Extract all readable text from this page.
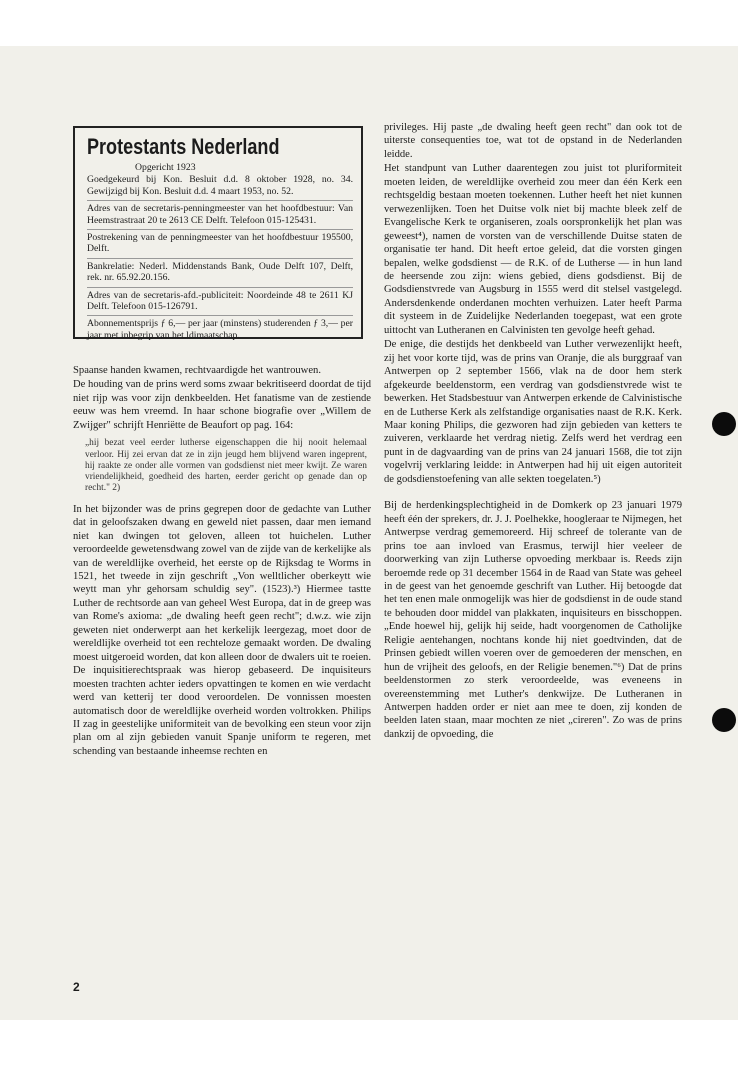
Protestants Nederland
Opgericht 1923

Goedgekeurd bij Kon. Besluit d.d. 8 oktober 1928, no. 34. Gewijzigd bij Kon. Besluit d.d. 4 maart 1953, no. 52.

Adres van de secretaris-penningmeester van het hoofdbestuur: Van Heemstrastraat 20 te 2613 CE Delft. Telefoon 015-125431.

Postrekening van de penningmeester van het hoofdbestuur 195500, Delft.

Bankrelatie: Nederl. Middenstands Bank, Oude Delft 107, Delft, rek. nr. 65.92.20.156.

Adres van de secretaris-afd.-publiciteit: Noordeinde 48 te 2611 KJ Delft. Telefoon 015-126791.

Abonnementsprijs ƒ 6,— per jaar (minstens) studerenden ƒ 3,— per jaar met inbegrip van het ldimaatschap.

Spaanse handen kwamen, rechtvaardigde het wantrouwen.

De houding van de prins werd soms zwaar bekritiseerd doordat de tijd niet rijp was voor zijn denkbeelden. Het fanatisme van de zestiende eeuw was hem vreemd. In haar schone biografie over „Willem de Zwijger" schrijft Henriëtte de Beaufort op pag. 164:

„hij bezat veel eerder lutherse eigenschappen die hij nooit helemaal verloor. Hij zei ervan dat ze in zijn jeugd hem blijvend waren ingeprent, hij raakte ze onder alle vormen van godsdienst niet meer kwijt. Ze waren vriendelijkheid, goedheid des harten, eerder gericht op genade dan op recht." 2)

In het bijzonder was de prins gegrepen door de gedachte van Luther dat in geloofszaken dwang en geweld niet passen, daar men iemand niet kan dwingen tot geloven, alleen tot huichelen. Luther veroordeelde gewetensdwang zowel van de zijde van de kerkelijke als van de wereldlijke overheid, het eerste op de Rijksdag te Worms in 1521, het tweede in zijn geschrift „Von welltlicher oberkeytt wie weytt man yhr gehorsam schuldig sey". (1523).³) Hiermee tastte Luther de rechtsorde aan van geheel West Europa, dat in de greep was van Rome's axioma: „de dwaling heeft geen recht"; d.w.z. wie zijn geweten niet onderwerpt aan het kerkelijk leergezag, moet door de wereldlijke overheid tot een rechteloze gemaakt worden. De dwaling moest uitgeroeid worden, dat kon alleen door de dwalers uit te roeien. De inquisitierechtspraak was hierop gebaseerd. De inquisiteurs moesten trachten achter ieders opvattingen te komen en wie verdacht werd van ketterij ter dood veroordelen. De vonnissen moesten automatisch door de wereldlijke overheid worden voltrokken. Philips II zag in geestelijke uniformiteit van de bevolking een steun voor zijn plan om al zijn gebieden vanuit Spanje uniform te regeren, met schending van bestaande inheemse rechten en

privileges. Hij paste „de dwaling heeft geen recht" dan ook tot de uiterste consequenties toe, wat tot de opstand in de Nederlanden leidde.

Het standpunt van Luther daarentegen zou juist tot pluriformiteit moeten leiden, de wereldlijke overheid zou meer dan één Kerk een rechtsgeldig bestaan moeten toekennen. Luther heeft het niet kunnen verwezenlijken. Toen het Duitse volk niet bij machte bleek zelf de Evangelische Kerk te organiseren, zoals oorspronkelijk het plan was geweest⁴), namen de vorsten van de verschillende Duitse staten de organisatie ter hand. Dit heeft ertoe geleid, dat die vorsten gingen bepalen, welke godsdienst — de R.K. of de Lutherse — in hun land de heersende zou zijn: wiens gebied, diens godsdienst. Bij de Godsdienstvrede van Augsburg in 1555 werd dit stelsel vastgelegd. Andersdenkende onderdanen mochten verhuizen. Later heeft Parma dit systeem in de Zuidelijke Nederlanden toegepast, wat een grote uittocht van Lutheranen en Calvinisten ten gevolge heeft gehad.

De enige, die destijds het denkbeeld van Luther verwezenlijkt heeft, zij het voor korte tijd, was de prins van Oranje, die als burggraaf van Antwerpen op 2 september 1566, vlak na de door hem sterk afgekeurde beeldenstorm, een verdrag van godsdienstvrede wist te bewerken. Het Stadsbestuur van Antwerpen erkende de Calvinistische en de Lutherse Kerk als zelfstandige organisaties naast de R.K. Kerk. Maar koning Philips, die gezworen had zijn gebieden van ketters te zuiveren, verklaarde het verdrag nietig. Zelfs werd het verdrag een punt in de dagvaarding van de prins van 24 januari 1568, die tot zijn vogelvrij verklaring leidde: in Antwerpen had hij uit eigen autoriteit de godsdienstoefening van alle sekten toegelaten.⁵)

Bij de herdenkingsplechtigheid in de Domkerk op 23 januari 1979 heeft één der sprekers, dr. J. J. Poelhekke, hoogleraar te Nijmegen, het Antwerpse verdrag gememoreerd. Hij schreef de tolerante van de prins toe aan invloed van Erasmus, terwijl hier veeleer de doorwerking van zijn Lutherse opvoeding merkbaar is. Reeds zijn beroemde rede op 31 december 1564 in de Raad van State was geheel in de geest van het genoemde geschrift van Luther. Hij betoogde dat het ten enen male onmogelijk was hier de godsdienst in de oude stand te behouden door middel van plakkaten, inquisiteurs en bisschoppen. „Ende hoewel hij, gelijk hij seide, hadt voorgenomen de Catholijke Religie aentehangen, nochtans konde hij niet goedtvinden, dat de Prinsen gebiedt willen voeren over de gemoederen der menschen, en hun de vrijheit des geloofs, en der Religie benemen."⁶) Dat de prins beeldenstormen zo sterk veroordeelde, was eveneens in overeenstemming met Luther's denkwijze. De Lutheranen in Antwerpen hadden order er niet aan mee te doen, zij konden de beelden laten staan, maar mochten ze niet „cireren". Zo was de prins dankzij de opvoeding, die

2
